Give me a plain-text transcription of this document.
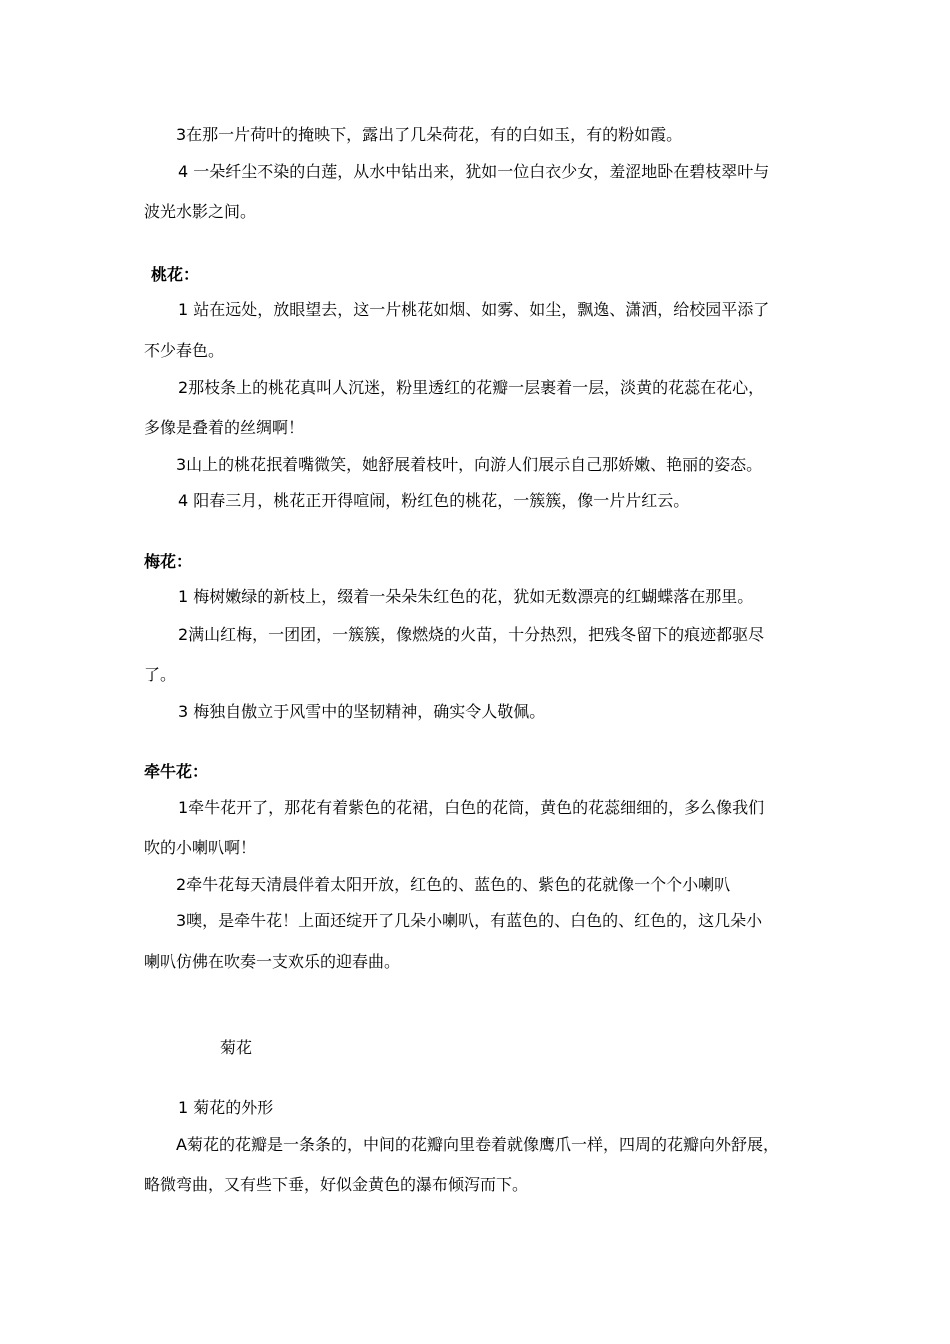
3在那一片荷叶的掩映下，露出了几朵荷花，有的白如玉，有的粉如霞。
4 一朵纤尘不染的白莲，从水中钻出来，犹如一位白衣少女，羞涩地卧在碧枝翠叶与
波光水影之间。
桃花：
1 站在远处，放眼望去，这一片桃花如烟、如雾、如尘，飘逸、潇洒，给校园平添了
不少春色。
2那枝条上的桃花真叫人沉迷，粉里透红的花瓣一层裹着一层，淡黄的花蕊在花心，
多像是叠着的丝绸啊！
3山上的桃花抿着嘴微笑，她舒展着枝叶，向游人们展示自己那娇嫩、艳丽的姿态。
4 阳春三月，桃花正开得喧闹，粉红色的桃花，一簇簇，像一片片红云。
梅花：
1 梅树嫩绿的新枝上，缀着一朵朵朱红色的花，犹如无数漂亮的红蝴蝶落在那里。
2满山红梅，一团团，一簇簇，像燃烧的火苗，十分热烈，把残冬留下的痕迹都驱尽
了。
3 梅独自傲立于风雪中的坚韧精神，确实令人敬佩。
牵牛花：
1牵牛花开了，那花有着紫色的花裙，白色的花筒，黄色的花蕊细细的，多么像我们
吹的小喇叭啊！
2牵牛花每天清晨伴着太阳开放，红色的、蓝色的、紫色的花就像一个个小喇叭
3噢，是牵牛花！上面还绽开了几朵小喇叭，有蓝色的、白色的、红色的，这几朵小
喇叭仿佛在吹奏一支欢乐的迎春曲。
菊花
1 菊花的外形
A菊花的花瓣是一条条的，中间的花瓣向里卷着就像鹰爪一样，四周的花瓣向外舒展，
略微弯曲，又有些下垂，好似金黄色的瀑布倾泻而下。
